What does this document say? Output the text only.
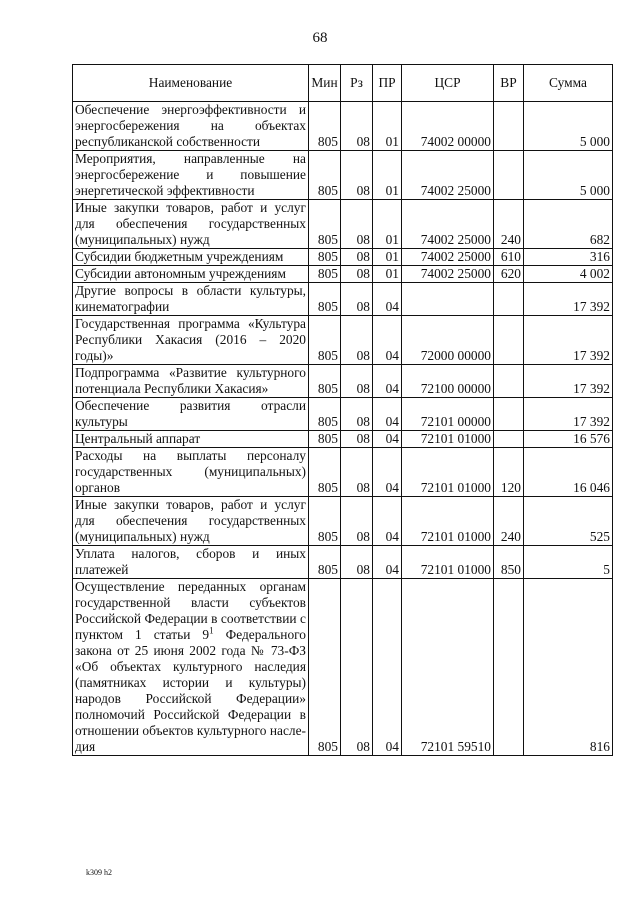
68
Наименование	Мин	Рз	ПР	ЦСР	ВР	Сумма
Обеспечение энергоэффективности и энергосбережения на объектах республиканской собственности	805	08	01	74002 00000		5 000
Мероприятия, направленные на энергосбережение и повышение энергетической эффективности	805	08	01	74002 25000		5 000
Иные закупки товаров, работ и услуг для обеспечения государственных (муниципальных) нужд	805	08	01	74002 25000	240	682
Субсидии бюджетным учреждениям	805	08	01	74002 25000	610	316
Субсидии автономным учреждениям	805	08	01	74002 25000	620	4 002
Другие вопросы в области культуры, кинематографии	805	08	04			17 392
Государственная программа «Культура Республики Хакасия (2016 – 2020 годы)»	805	08	04	72000 00000		17 392
Подпрограмма «Развитие культурного потенциала Республики Хакасия»	805	08	04	72100 00000		17 392
Обеспечение развития отрасли культуры	805	08	04	72101 00000		17 392
Центральный аппарат	805	08	04	72101 01000		16 576
Расходы на выплаты персоналу государственных (муниципальных) органов	805	08	04	72101 01000	120	16 046
Иные закупки товаров, работ и услуг для обеспечения государственных (муниципальных) нужд	805	08	04	72101 01000	240	525
Уплата налогов, сборов и иных платежей	805	08	04	72101 01000	850	5
Осуществление переданных органам государственной власти субъектов Российской Федерации в соответствии с пунктом 1 статьи $9^1$ Федерального закона от 25 июня 2002 года № 73-ФЗ «Об объектах культурного наследия (памятниках истории и культуры) народов Российской Федерации» полномочий Российской Федерации в отношении объектов культурного наследия	805	08	04	72101 59510		816
k309 h2
